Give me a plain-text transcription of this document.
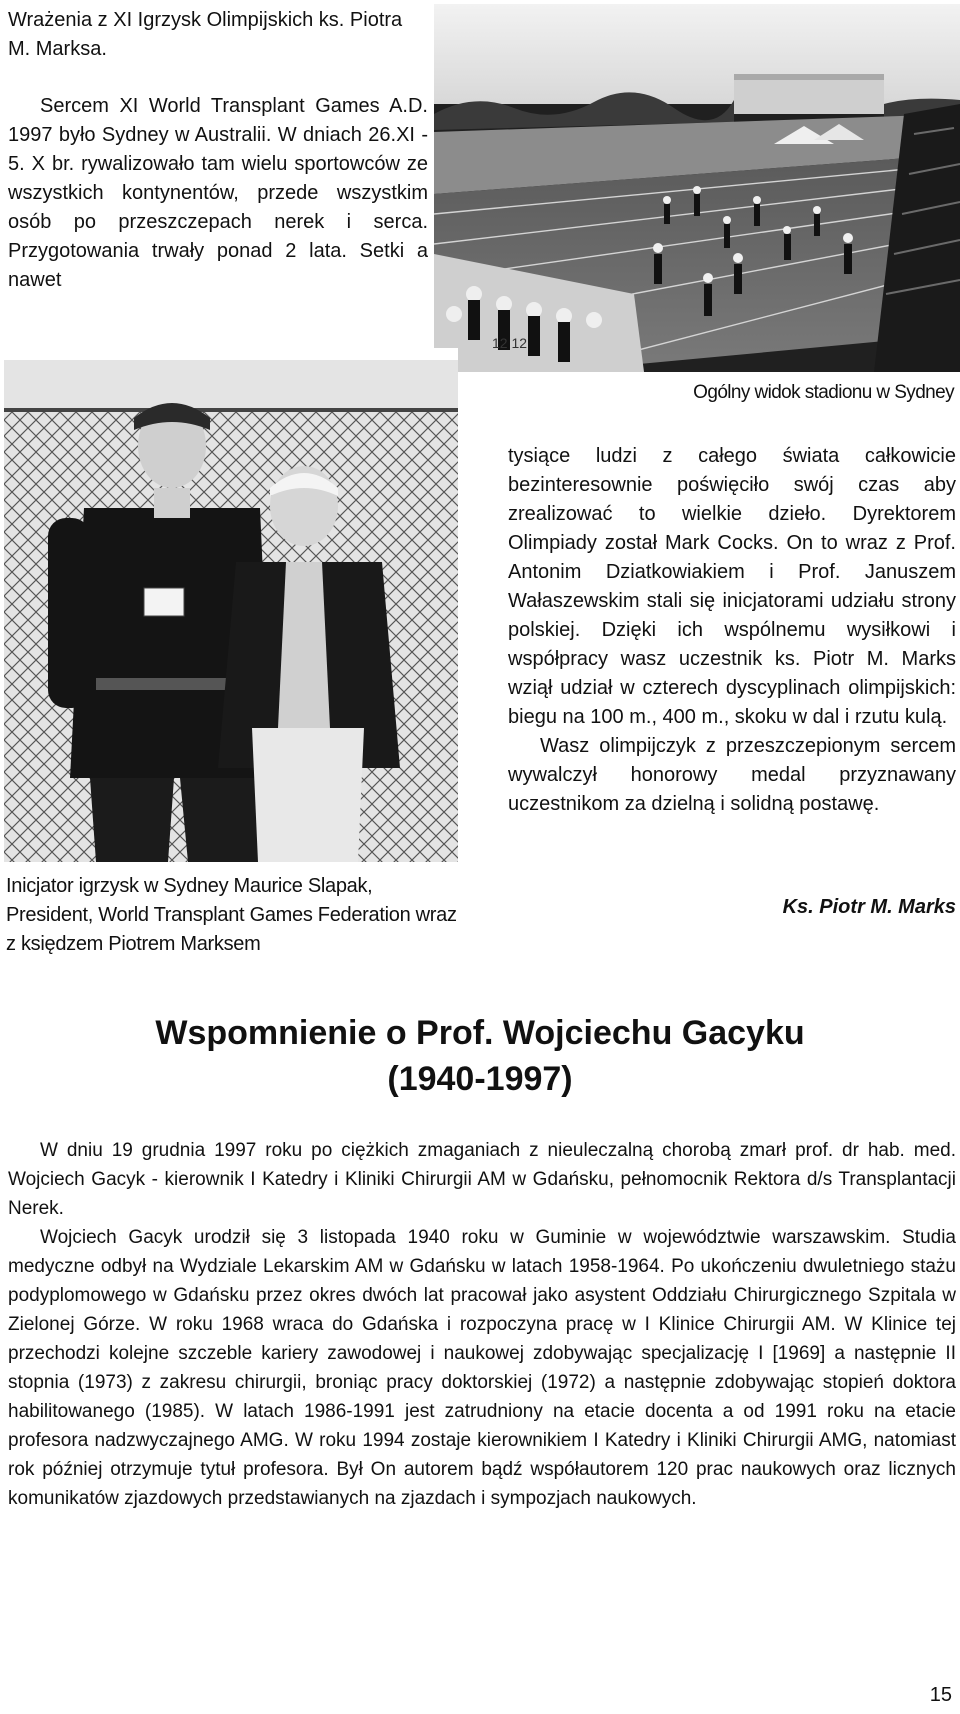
Wrażenia z XI Igrzysk Olimpijskich ks. Piotra M. Marksa.

Sercem XI World Transplant Games A.D. 1997 było Sydney w Australii. W dniach 26.XI - 5. X br. rywalizowało tam wielu sportowców ze wszystkich kontynentów, przede wszystkim osób po przeszczepach nerek i serca. Przygotowania trwały ponad 2 lata. Setki a nawet

12 12
Ogólny widok stadionu w Sydney
Inicjator igrzysk w Sydney Maurice Slapak, President, World Transplant Games Federation wraz z księdzem Piotrem Marksem

tysiące ludzi z całego świata całkowicie bezinteresownie poświęciło swój czas aby zrealizować to wielkie dzieło. Dyrektorem Olimpiady został Mark Cocks. On to wraz z Prof. Antonim Dziatkowiakiem i Prof. Januszem Wałaszewskim stali się inicjatorami udziału strony polskiej. Dzięki ich wspólnemu wysiłkowi i współpracy wasz uczestnik ks. Piotr M. Marks wziął udział w czterech dyscyplinach olimpijskich: biegu na 100 m., 400 m., skoku w dal i rzutu kulą.

Wasz olimpijczyk z przeszczepionym sercem wywalczył honorowy medal przyznawany uczestnikom za dzielną i solidną postawę.

Ks. Piotr M. Marks
Wspomnienie o Prof. Wojciechu Gacyku
(1940-1997)

W dniu 19 grudnia 1997 roku po ciężkich zmaganiach z nieuleczalną chorobą zmarł prof. dr hab. med. Wojciech Gacyk - kierownik I Katedry i Kliniki Chirurgii AM w Gdańsku, pełnomocnik Rektora d/s Transplantacji Nerek.

Wojciech Gacyk urodził się 3 listopada 1940 roku w Guminie w województwie warszawskim. Studia medyczne odbył na Wydziale Lekarskim AM w Gdańsku w latach 1958-1964. Po ukończeniu dwuletniego stażu podyplomowego w Gdańsku przez okres dwóch lat pracował jako asystent Oddziału Chirurgicznego Szpitala w Zielonej Górze. W roku 1968 wraca do Gdańska i rozpoczyna pracę w I Klinice Chirurgii AM. W Klinice tej przechodzi kolejne szczeble kariery zawodowej i naukowej zdobywając specjalizację I [1969] a następnie II stopnia (1973) z zakresu chirurgii, broniąc pracy doktorskiej (1972) a następnie zdobywając stopień doktora habilitowanego (1985). W latach 1986-1991 jest zatrudniony na etacie docenta a od 1991 roku na etacie profesora nadzwyczajnego AMG. W roku 1994 zostaje kierownikiem I Katedry i Kliniki Chirurgii AMG, natomiast rok później otrzymuje tytuł profesora. Był On autorem bądź współautorem 120 prac naukowych oraz licznych komunikatów zjazdowych przedstawianych na zjazdach i sympozjach naukowych.

15
